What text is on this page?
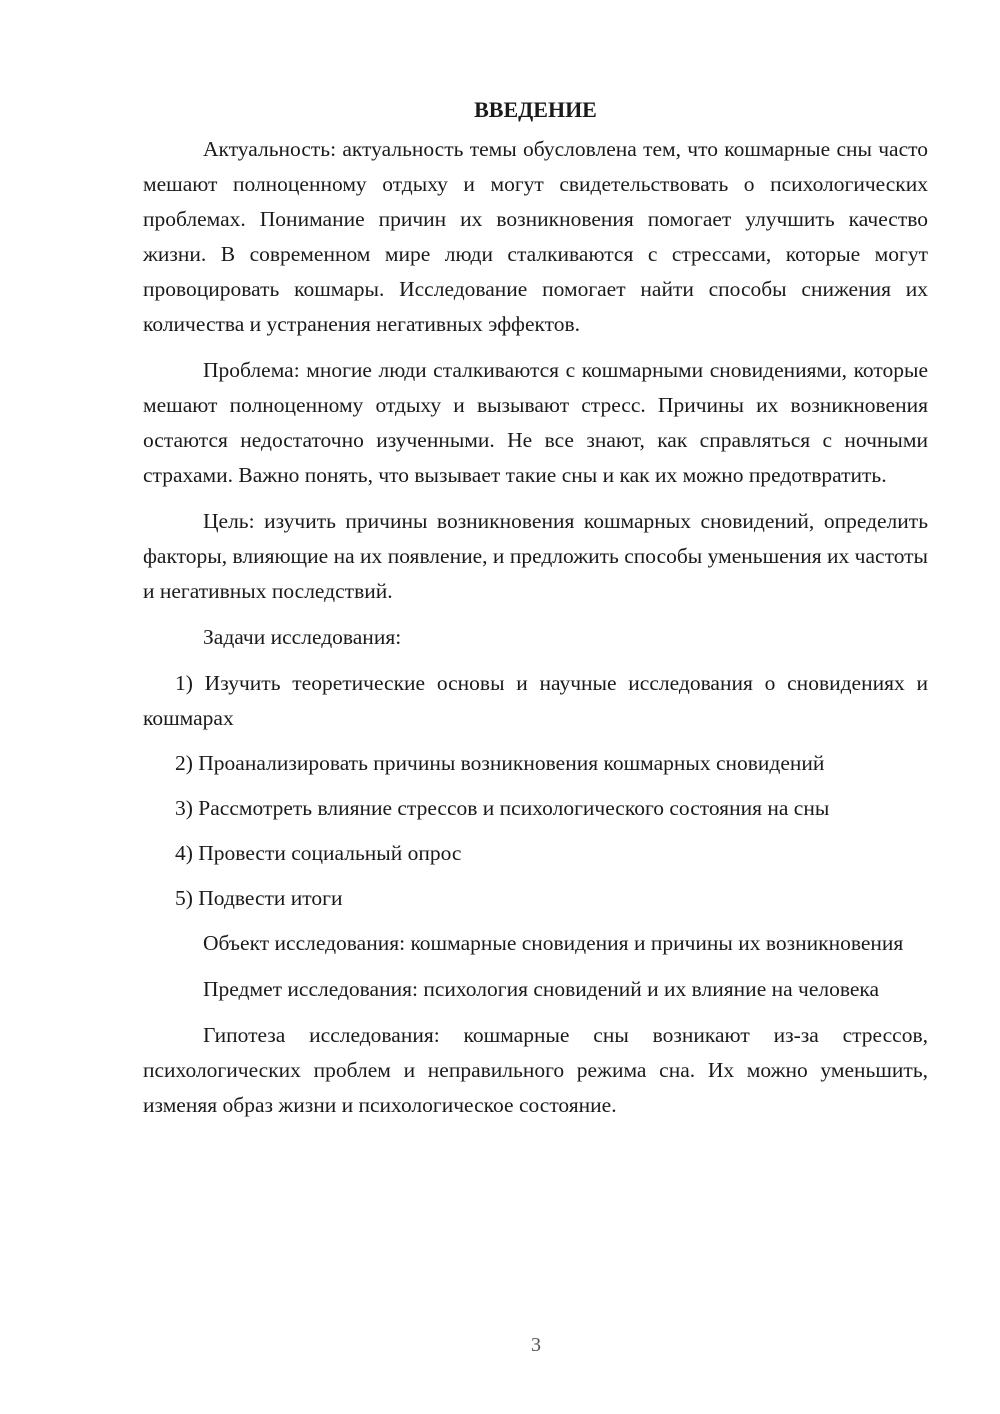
ВВЕДЕНИЕ

Актуальность: актуальность темы обусловлена тем, что кошмарные сны часто мешают полноценному отдыху и могут свидетельствовать о психологических проблемах. Понимание причин их возникновения помогает улучшить качество жизни. В современном мире люди сталкиваются с стрессами, которые могут провоцировать кошмары. Исследование помогает найти способы снижения их количества и устранения негативных эффектов.

Проблема: многие люди сталкиваются с кошмарными сновидениями, которые мешают полноценному отдыху и вызывают стресс. Причины их возникновения остаются недостаточно изученными. Не все знают, как справляться с ночными страхами. Важно понять, что вызывает такие сны и как их можно предотвратить.

Цель: изучить причины возникновения кошмарных сновидений, определить факторы, влияющие на их появление, и предложить способы уменьшения их частоты и негативных последствий.

Задачи исследования:

1) Изучить теоретические основы и научные исследования о сновидениях и кошмарах

2) Проанализировать причины возникновения кошмарных сновидений

3) Рассмотреть влияние стрессов и психологического состояния на сны

4) Провести социальный опрос

5) Подвести итоги

Объект исследования: кошмарные сновидения и причины их возникновения

Предмет исследования: психология сновидений и их влияние на человека

Гипотеза исследования: кошмарные сны возникают из-за стрессов, психологических проблем и неправильного режима сна. Их можно уменьшить, изменяя образ жизни и психологическое состояние.

3
